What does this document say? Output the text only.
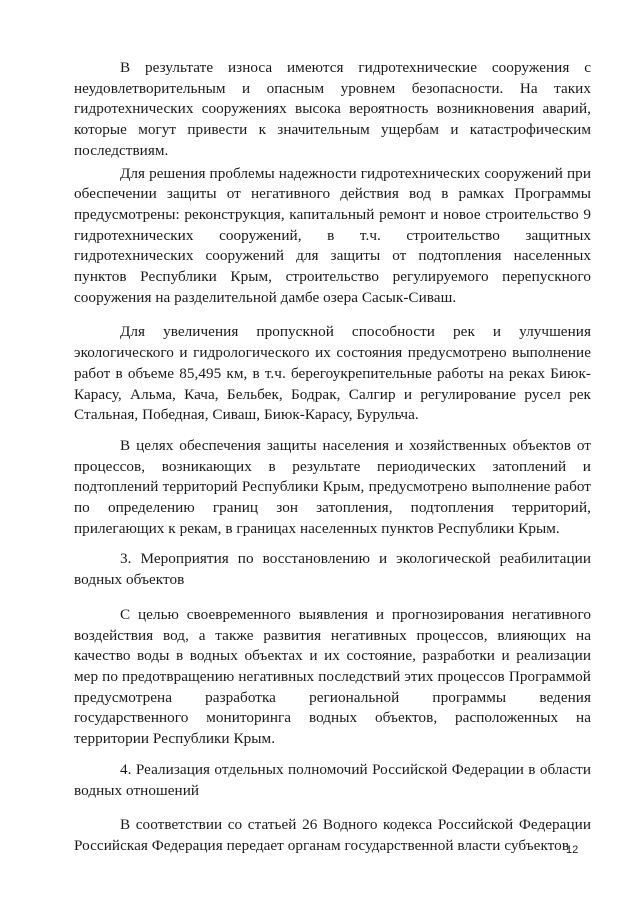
В результате износа имеются гидротехнические сооружения с неудовлетворительным и опасным уровнем безопасности. На таких гидротехнических сооружениях высока вероятность возникновения аварий, которые могут привести к значительным ущербам и катастрофическим последствиям.

Для решения проблемы надежности гидротехнических сооружений при обеспечении защиты от негативного действия вод в рамках Программы предусмотрены: реконструкция, капитальный ремонт и новое строительство 9 гидротехнических сооружений, в т.ч. строительство защитных гидротехнических сооружений для защиты от подтопления населенных пунктов Республики Крым, строительство регулируемого перепускного сооружения на разделительной дамбе озера Сасык-Сиваш.

Для увеличения пропускной способности рек и улучшения экологического и гидрологического их состояния предусмотрено выполнение работ в объеме 85,495 км, в т.ч. берегоукрепительные работы на реках Биюк-Карасу, Альма, Кача, Бельбек, Бодрак, Салгир и регулирование русел рек Стальная, Победная, Сиваш, Биюк-Карасу, Бурульча.

В целях обеспечения защиты населения и хозяйственных объектов от процессов, возникающих в результате периодических затоплений и подтоплений территорий Республики Крым, предусмотрено выполнение работ по определению границ зон затопления, подтопления территорий, прилегающих к рекам, в границах населенных пунктов Республики Крым.

3. Мероприятия по восстановлению и экологической реабилитации водных объектов

С целью своевременного выявления и прогнозирования негативного воздействия вод, а также развития негативных процессов, влияющих на качество воды в водных объектах и их состояние, разработки и реализации мер по предотвращению негативных последствий этих процессов Программой предусмотрена разработка региональной программы ведения государственного мониторинга водных объектов, расположенных на территории Республики Крым.

4. Реализация отдельных полномочий Российской Федерации в области водных отношений

В соответствии со статьей 26 Водного кодекса Российской Федерации Российская Федерация передает органам государственной власти субъектов

12
